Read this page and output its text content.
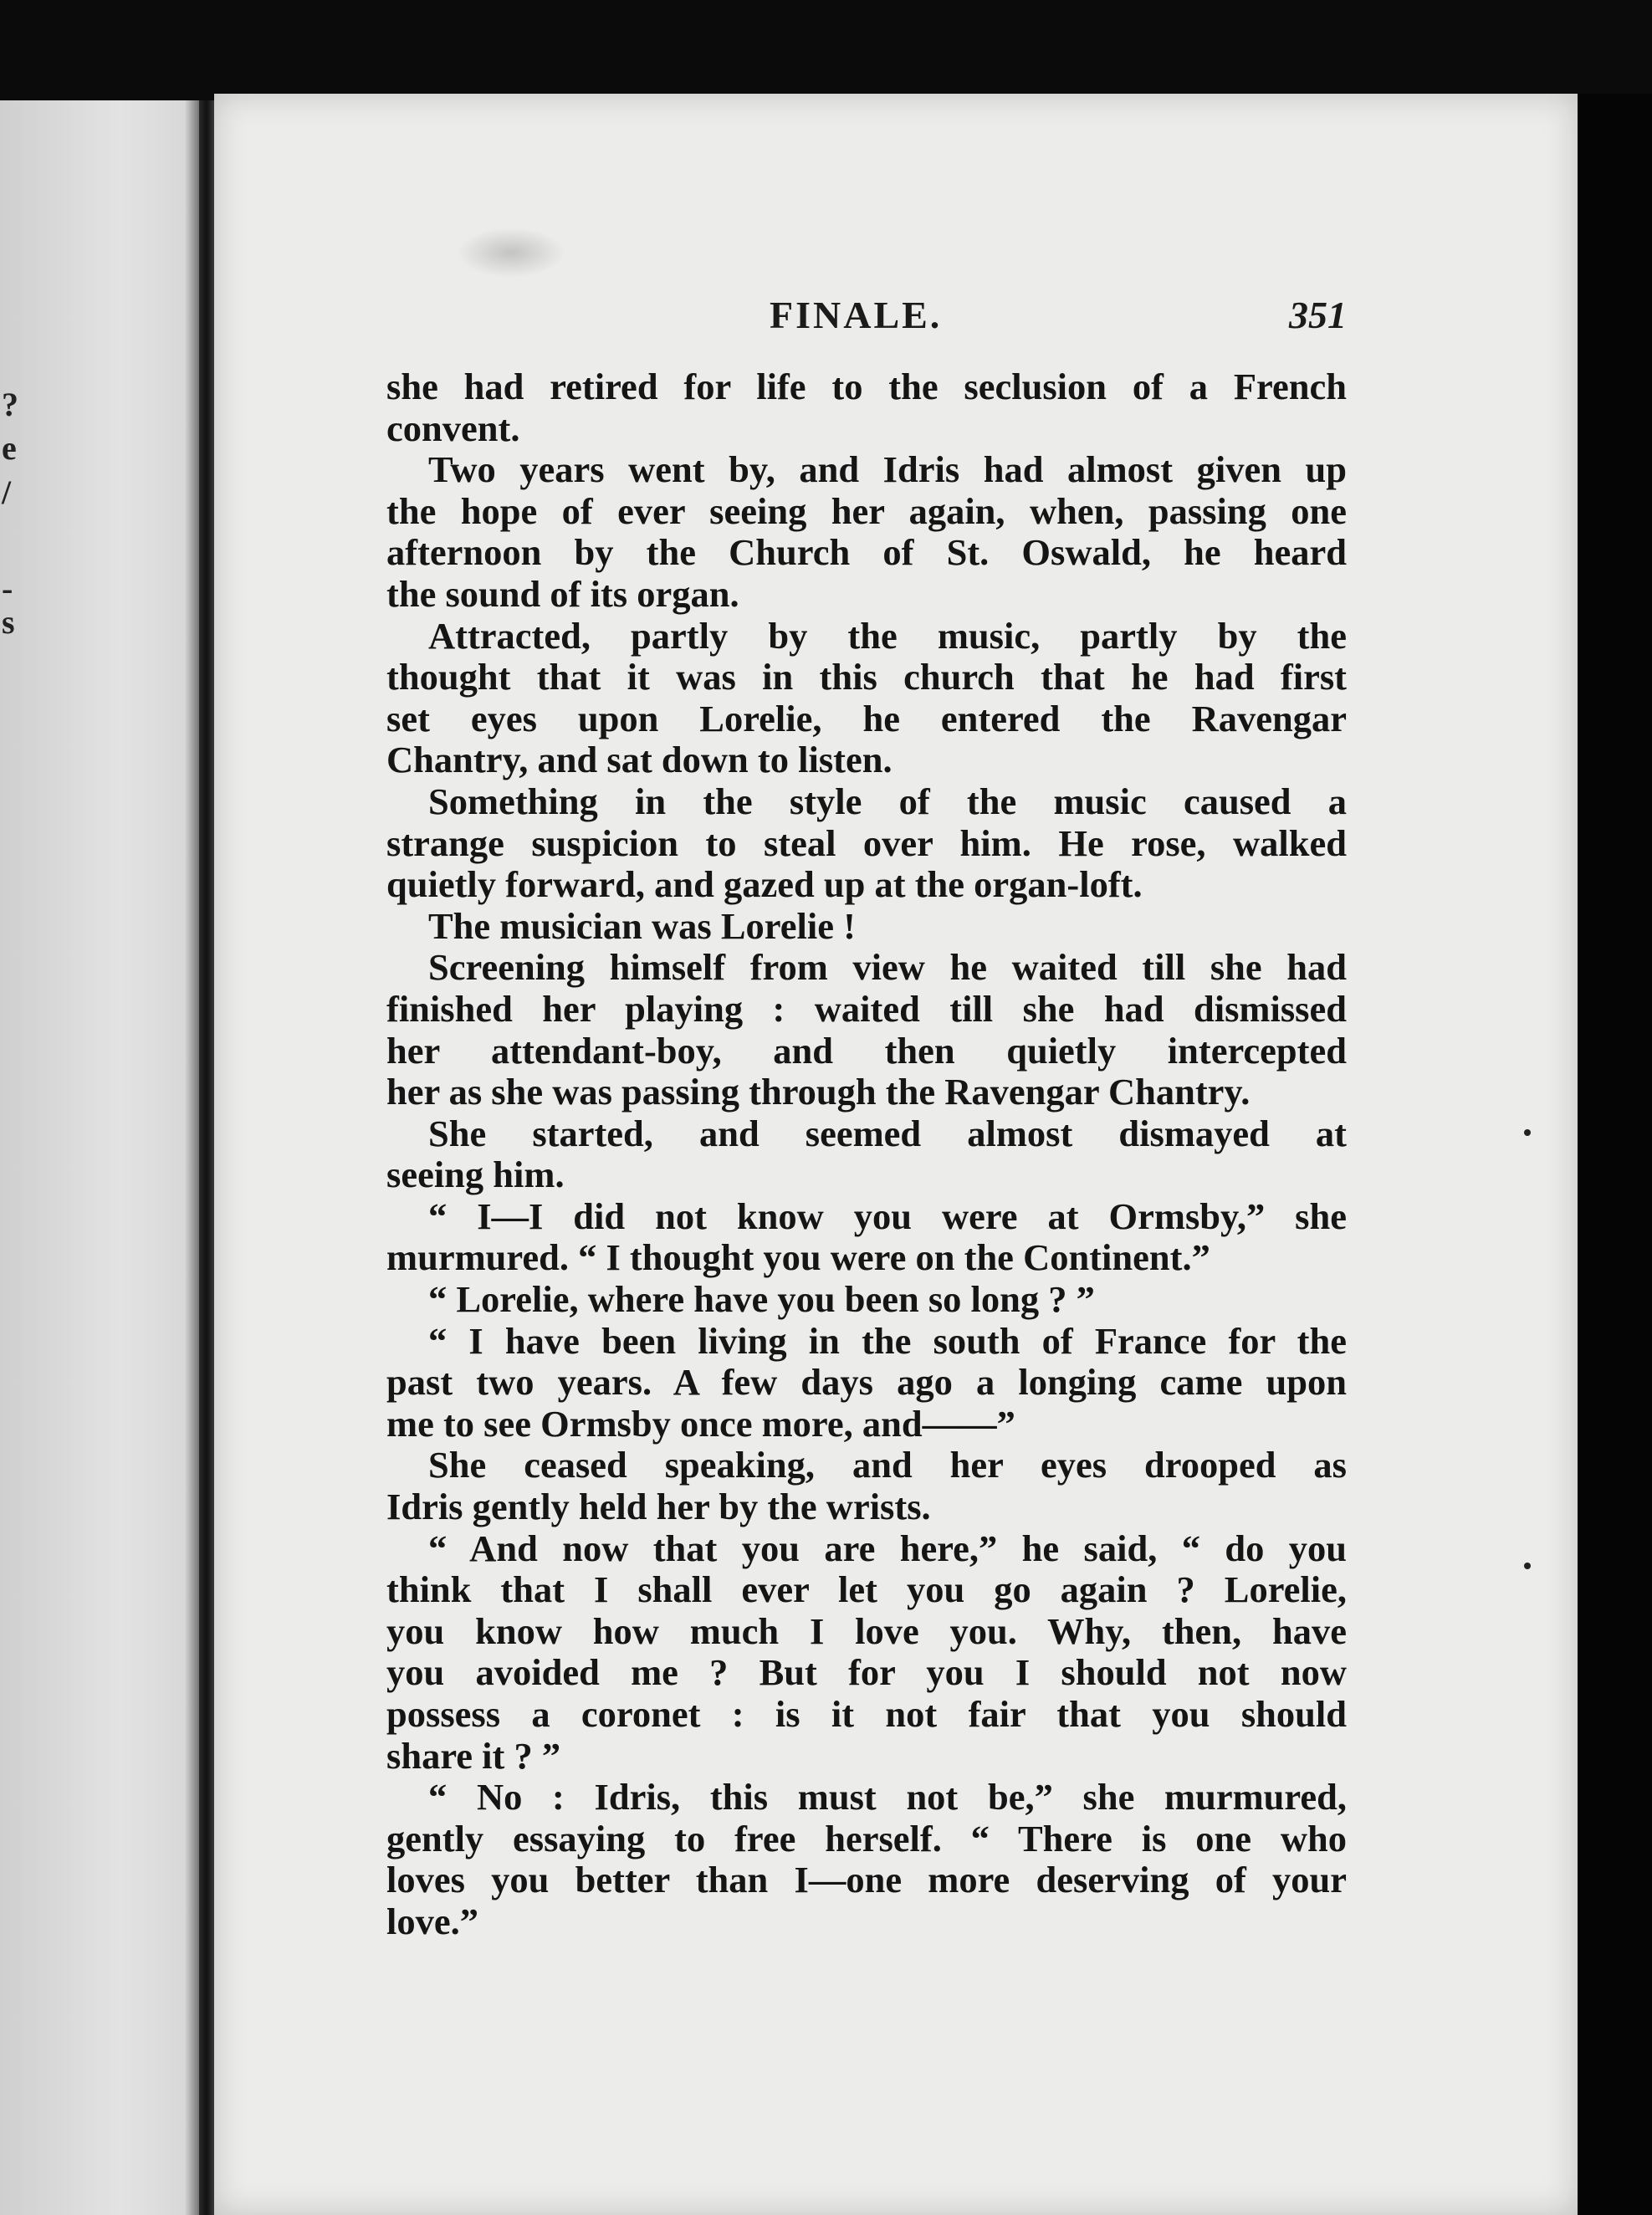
?
e
/
-
s
FINALE.	351
she had retired for life to the seclusion of a French
convent.
Two years went by, and Idris had almost given up
the hope of ever seeing her again, when, passing one
afternoon by the Church of St. Oswald, he heard
the sound of its organ.
Attracted, partly by the music, partly by the
thought that it was in this church that he had first
set eyes upon Lorelie, he entered the Ravengar
Chantry, and sat down to listen.
Something in the style of the music caused a
strange suspicion to steal over him. He rose, walked
quietly forward, and gazed up at the organ-loft.
The musician was Lorelie !
Screening himself from view he waited till she had
finished her playing : waited till she had dismissed
her attendant-boy, and then quietly intercepted
her as she was passing through the Ravengar Chantry.
She started, and seemed almost dismayed at
seeing him.
“ I—I did not know you were at Ormsby,” she
murmured. “ I thought you were on the Continent.”
“ Lorelie, where have you been so long ? ”
“ I have been living in the south of France for the
past two years. A few days ago a longing came upon
me to see Ormsby once more, and——”
She ceased speaking, and her eyes drooped as
Idris gently held her by the wrists.
“ And now that you are here,” he said, “ do you
think that I shall ever let you go again ? Lorelie,
you know how much I love you. Why, then, have
you avoided me ? But for you I should not now
possess a coronet : is it not fair that you should
share it ? ”
“ No : Idris, this must not be,” she murmured,
gently essaying to free herself. “ There is one who
loves you better than I—one more deserving of your
love.”
